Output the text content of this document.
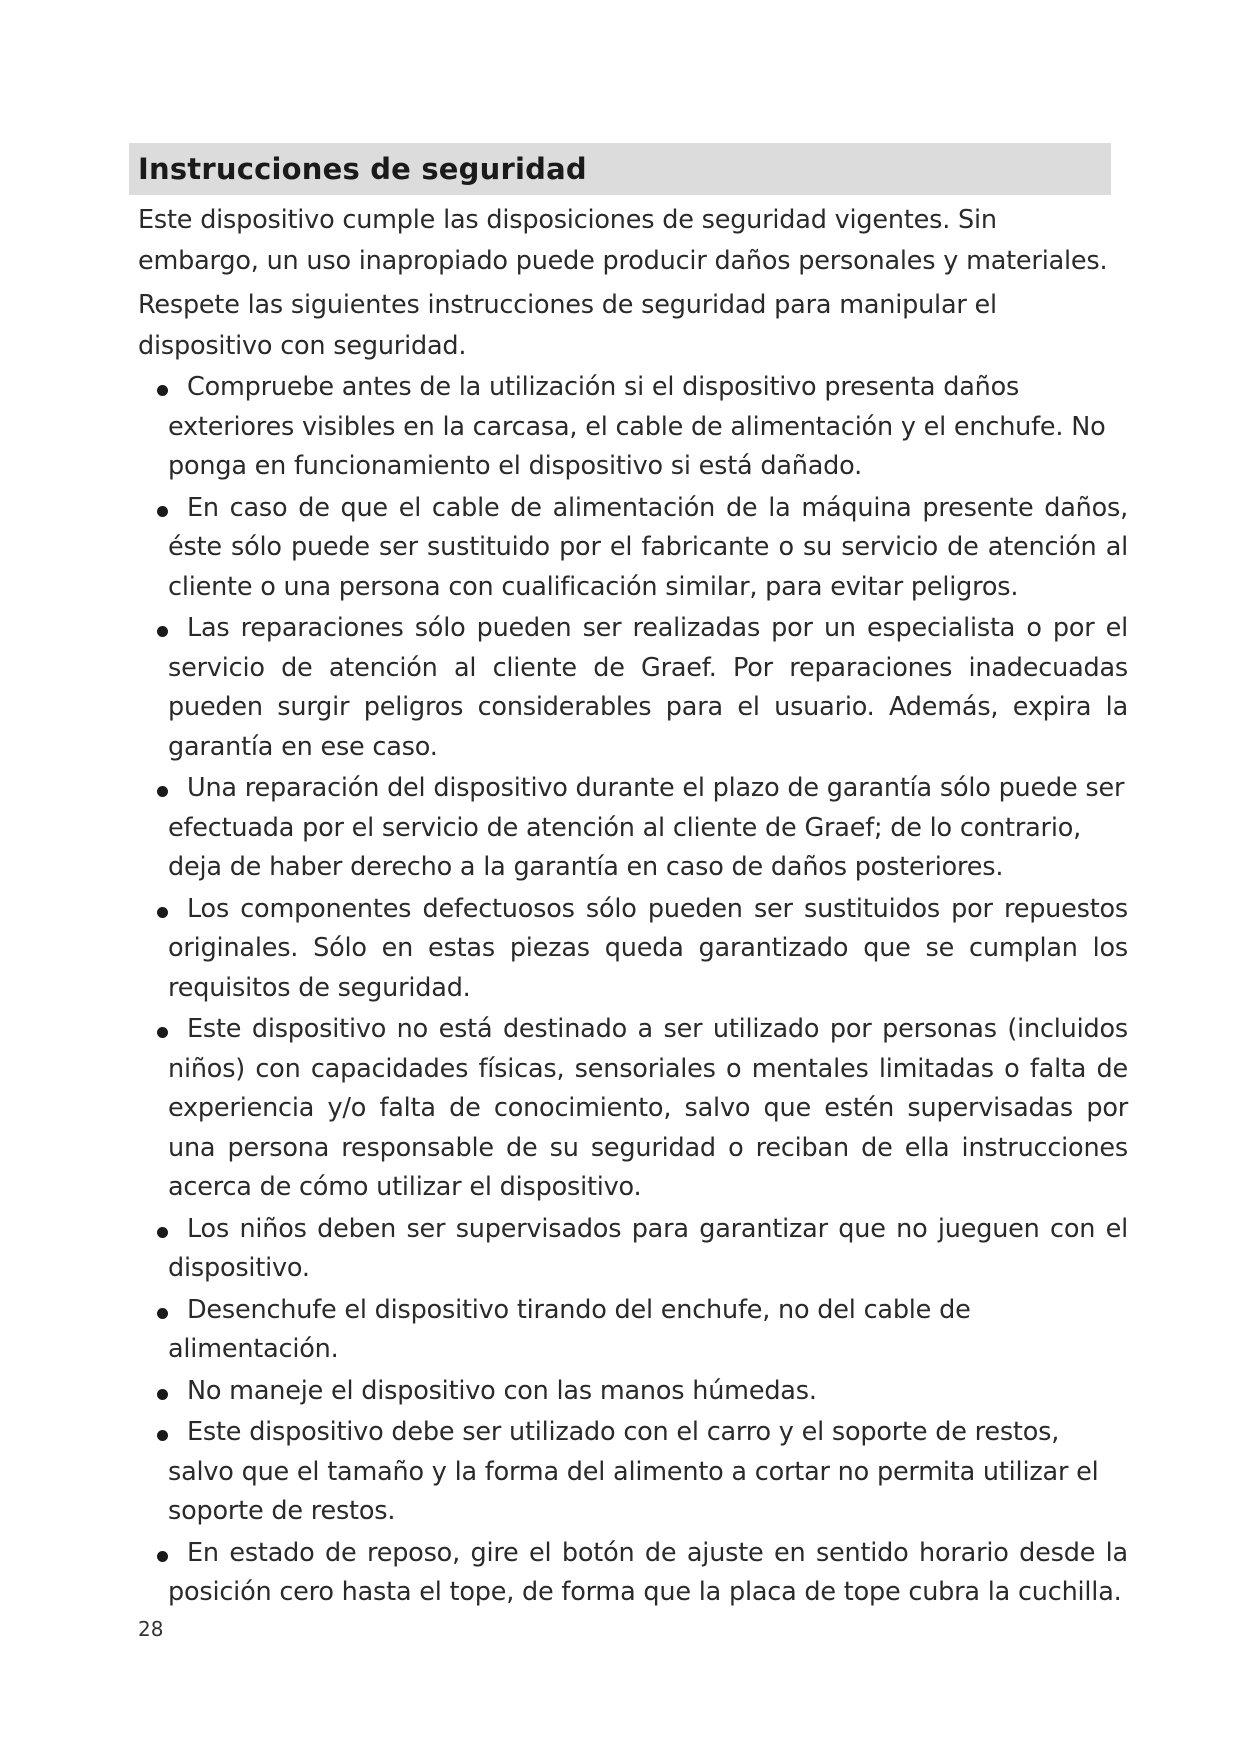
Instrucciones de seguridad

Este dispositivo cumple las disposiciones de seguridad vigentes. Sin embargo, un uso inapropiado puede producir daños personales y materiales.

Respete las siguientes instrucciones de seguridad para manipular el dispositivo con seguridad.

Compruebe antes de la utilización si el dispositivo presenta daños exteriores visibles en la carcasa, el cable de alimentación y el enchufe. No ponga en funcionamiento el dispositivo si está dañado.
En caso de que el cable de alimentación de la máquina presente daños, éste sólo puede ser sustituido por el fabricante o su servicio de atención al cliente o una persona con cualificación similar, para evitar peligros.
Las reparaciones sólo pueden ser realizadas por un especialista o por el servicio de atención al cliente de Graef. Por reparaciones inadecuadas pueden surgir peligros considerables para el usuario. Además, expira la garantía en ese caso.
Una reparación del dispositivo durante el plazo de garantía sólo puede ser efectuada por el servicio de atención al cliente de Graef; de lo contrario, deja de haber derecho a la garantía en caso de daños posteriores.
Los componentes defectuosos sólo pueden ser sustituidos por repuestos originales. Sólo en estas piezas queda garantizado que se cumplan los requisitos de seguridad.
Este dispositivo no está destinado a ser utilizado por personas (incluidos niños) con capacidades físicas, sensoriales o mentales limitadas o falta de experiencia y/o falta de conocimiento, salvo que estén supervisadas por una persona responsable de su seguridad o reciban de ella instrucciones acerca de cómo utilizar el dispositivo.
Los niños deben ser supervisados para garantizar que no jueguen con el dispositivo.
Desenchufe el dispositivo tirando del enchufe, no del cable de alimentación.
No maneje el dispositivo con las manos húmedas.
Este dispositivo debe ser utilizado con el carro y el soporte de restos, salvo que el tamaño y la forma del alimento a cortar no permita utilizar el soporte de restos.
En estado de reposo, gire el botón de ajuste en sentido horario desde la posición cero hasta el tope, de forma que la placa de tope cubra la cuchilla.

28
